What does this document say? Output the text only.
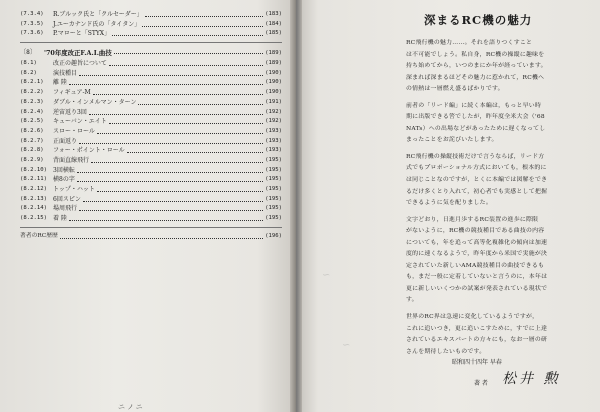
(7.3.4) R.ブルック氏と「クルセーダー」	(183)
(7.3.5) J.ユーカナンド氏の「タイタン」	(184)
(7.3.6) P.マローと「STYX」	(185)
〔8〕 '70年度改正F.A.I.曲技	(189)
(8.1)	改正の趣旨について	(189)
(8.2)	演技種目	(190)
(8.2.1) 離 陸	(190)
(8.2.2) フィギュア-M	(190)
(8.2.3) ダブル・インメルマン・ターン	(191)
(8.2.4) 逆宙返り3回	(192)
(8.2.5) キューバン・エイト	(192)
(8.2.6) スロー・ロール	(193)
(8.2.7) 正面返り	(193)
(8.2.8) フォー・ポイント・ロール	(193)
(8.2.9) 背面直線飛行	(195)
(8.2.10) 3回横転	(195)
(8.2.11) 横8の字	(195)
(8.2.12) トップ・ハット	(195)
(8.2.13) 6回スピン	(195)
(8.2.14) 場周飛行	(195)
(8.2.15) 着 陸	(195)
著者のRC歴歴	(196)
ニノニ
∽
∽
深まるRC機の魅力
RC飛行機の魅力……。それを語りつくすこと
は不可能でしょう。私自身，RC機の操縦に趣味を
持ち始めてから，いつのまにか年が経っています。
深まれば深まるほどその魅力に惹かれて，RC機へ
の情熱は一層燃え盛るばかりです。
前者の「リード編」に続く本編は，もっと早い時
期に出版できる筈でしたが，昨年度全米大会（'68
NATs）への出場などがあったために遅くなってし
まったことをお詫びいたします。
RC飛行機の操縦技術だけで言うならば，リード方
式でもプロポーショナル方式においても，根本的に
は同じことなのですが，とくに本編では図解をでき
るだけ多くとり入れて，初心者でも実感として把握
できるように気を配りました。
文字どおり，日進月歩するRC装置の進歩に際限
がないように，RC機の競技種目である曲技の内容
についても，年を追って高等化複雑化の傾向は加速
度的に速くなるようで，昨年度から米国で実施が決
定されていた新しいAMA競技種目の曲技できるも
も，まだ一般に定着していないと言うのに，本年は
更に新しいいくつかの試案が発表されている現状で
す。
世界のRC界は急速に変化しているようですが，
これに追いつき，更に追いこすために，すでに上達
されているエキスパートの方々にも，なお一層の研
さんを期待したいものです。
昭和四十四年 早春
著 者 松井 勲
